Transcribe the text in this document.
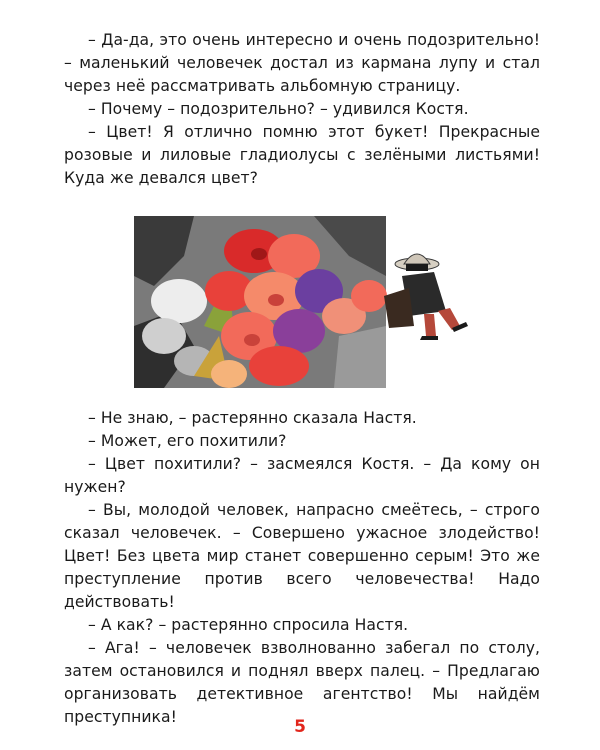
– Да-да, это очень интересно и очень подозрительно! – маленький человечек достал из кармана лупу и стал через неё рассматривать альбомную страницу.

– Почему – подозрительно? – удивился Костя.

– Цвет! Я отлично помню этот букет! Прекрасные розовые и лиловые гладиолусы с зелёными листьями! Куда же девался цвет?

– Не знаю, – растерянно сказала Настя.

– Может, его похитили?

– Цвет похитили? – засмеялся Костя. – Да кому он нужен?

– Вы, молодой человек, напрасно смеётесь, – строго сказал человечек. – Совершено ужасное злодейство! Цвет! Без цвета мир станет совершенно серым! Это же преступление против всего человечества! Надо действовать!

– А как? – растерянно спросила Настя.

– Ага! – человечек взволнованно забегал по столу, затем остановился и поднял вверх палец. – Предлагаю организовать детективное агентство! Мы найдём преступника!	5
